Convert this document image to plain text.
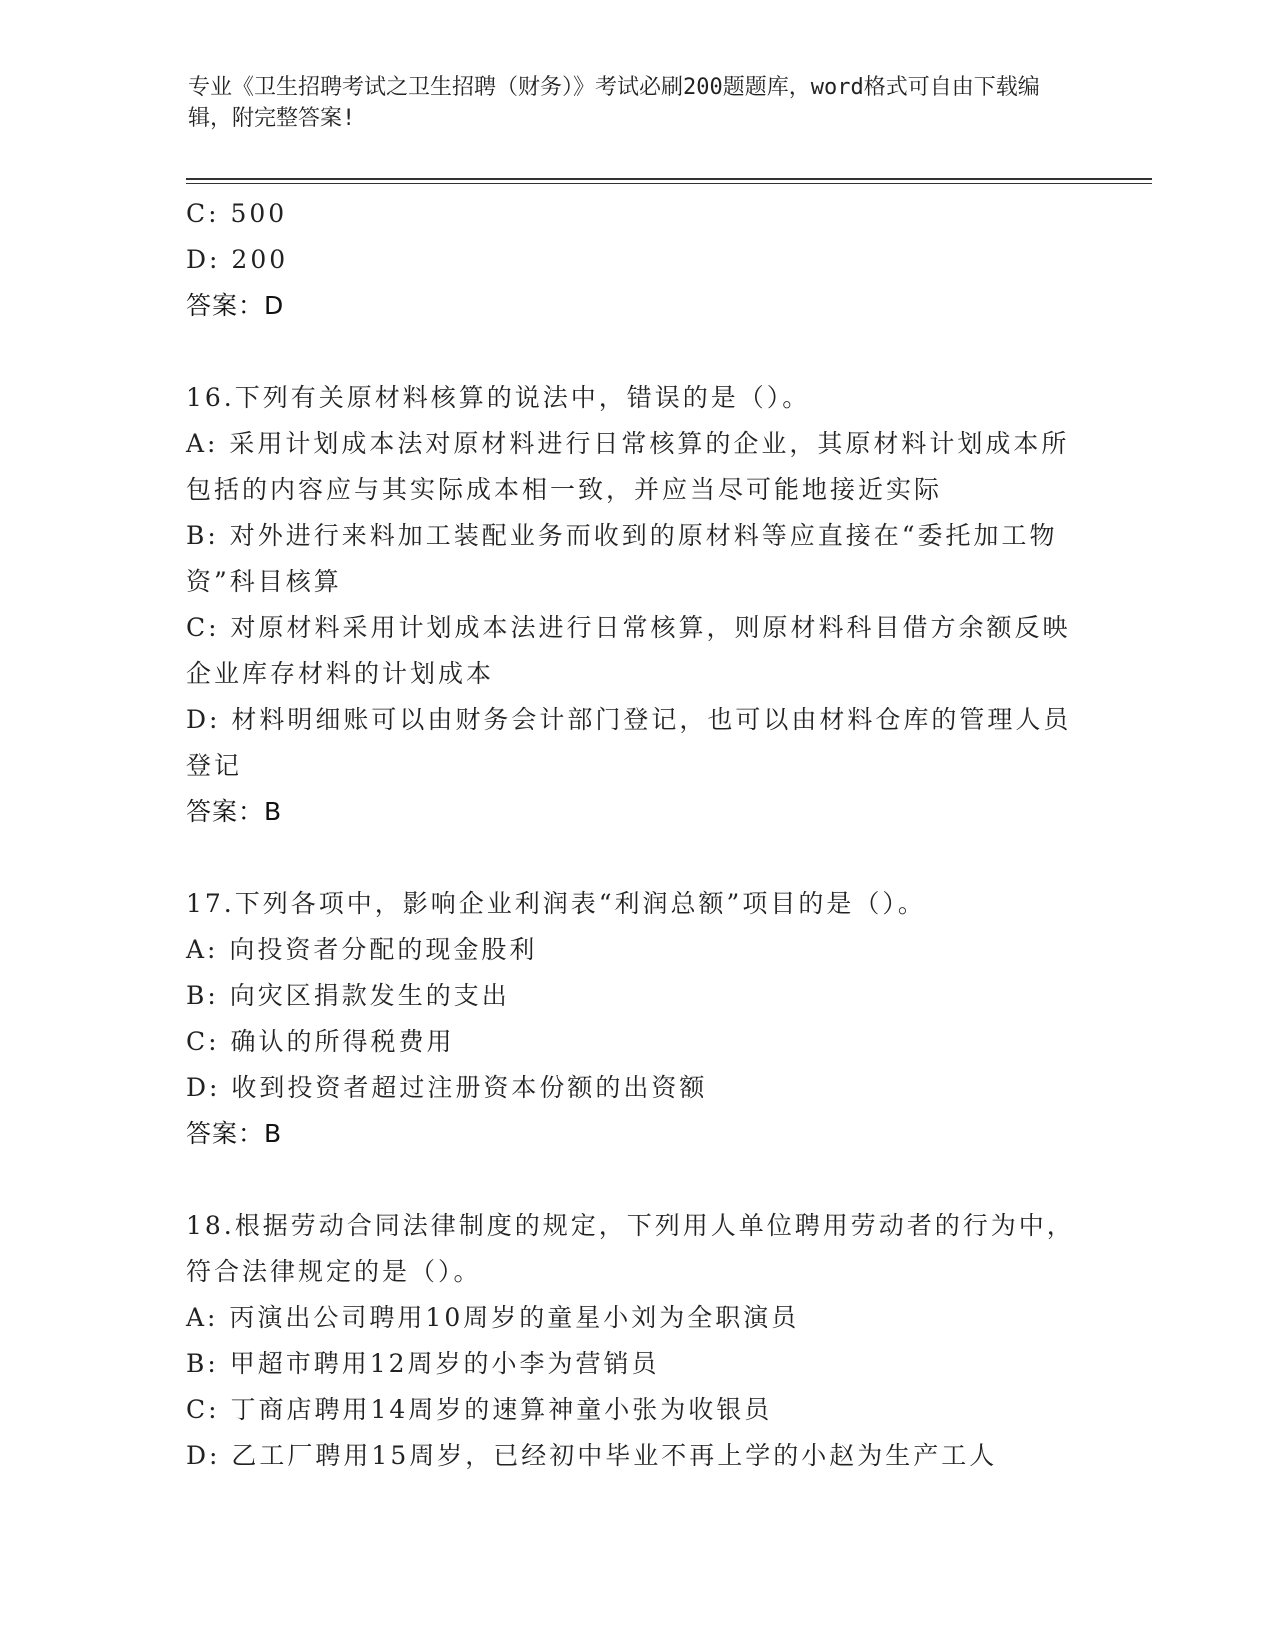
专业《卫生招聘考试之卫生招聘（财务）》考试必刷200题题库，word格式可自由下载编辑，附完整答案!
C: 500
D: 200
答案：D
16.下列有关原材料核算的说法中，错误的是（）。
A: 采用计划成本法对原材料进行日常核算的企业，其原材料计划成本所包括的内容应与其实际成本相一致，并应当尽可能地接近实际
B: 对外进行来料加工装配业务而收到的原材料等应直接在“委托加工物资”科目核算
C: 对原材料采用计划成本法进行日常核算，则原材料科目借方余额反映企业库存材料的计划成本
D: 材料明细账可以由财务会计部门登记，也可以由材料仓库的管理人员登记
答案：B
17.下列各项中，影响企业利润表“利润总额”项目的是（）。
A: 向投资者分配的现金股利
B: 向灾区捐款发生的支出
C: 确认的所得税费用
D: 收到投资者超过注册资本份额的出资额
答案：B
18.根据劳动合同法律制度的规定，下列用人单位聘用劳动者的行为中，符合法律规定的是（）。
A: 丙演出公司聘用10周岁的童星小刘为全职演员
B: 甲超市聘用12周岁的小李为营销员
C: 丁商店聘用14周岁的速算神童小张为收银员
D: 乙工厂聘用15周岁，已经初中毕业不再上学的小赵为生产工人
